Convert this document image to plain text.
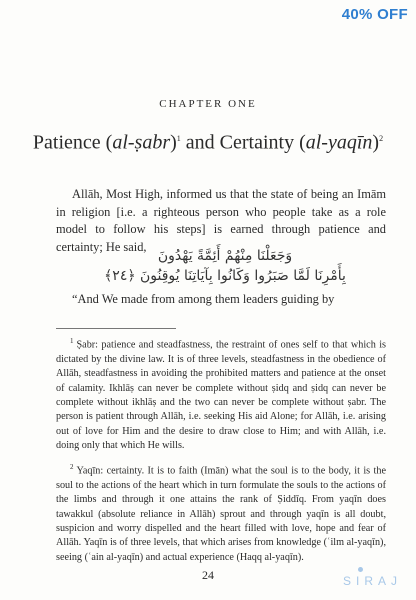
40% OFF
CHAPTER ONE
Patience (al-ṣabr)$^1$ and Certainty (al-yaqīn)$^2$

Allāh, Most High, informed us that the state of being an Imām in religion [i.e. a righteous person who people take as a role model to follow his steps] is earned through patience and certainty; He said,

وَجَعَلْنَا مِنْهُمْ أَئِمَّةً يَهْدُونَ
بِأَمْرِنَا لَمَّا صَبَرُوا وَكَانُوا بِآيَاتِنَا يُوقِنُونَ ﴿٢٤﴾

“And We made from among them leaders guiding by

$^1$ Ṣabr: patience and steadfastness, the restraint of ones self to that which is dictated by the divine law. It is of three levels, steadfastness in the obedience of Allāh, steadfastness in avoiding the prohibited matters and patience at the onset of calamity. Ikhlāṣ can never be complete without ṣidq and ṣidq can never be complete without ikhlāṣ and the two can never be complete without ṣabr. The person is patient through Allāh, i.e. seeking His aid Alone; for Allāh, i.e. arising out of love for Him and the desire to draw close to Him; and with Allāh, i.e. doing only that which He wills.

$^2$ Yaqīn: certainty. It is to faith (Imān) what the soul is to the body, it is the soul to the actions of the heart which in turn formulate the souls to the actions of the limbs and through it one attains the rank of Ṣiddīq. From yaqīn does tawakkul (absolute reliance in Allāh) sprout and through yaqīn is all doubt, suspicion and worry dispelled and the heart filled with love, hope and fear of Allāh. Yaqīn is of three levels, that which arises from knowledge (ʿilm al-yaqīn), seeing (ʿain al-yaqīn) and actual experience (Haqq al-yaqīn).

24	SIRAJ
